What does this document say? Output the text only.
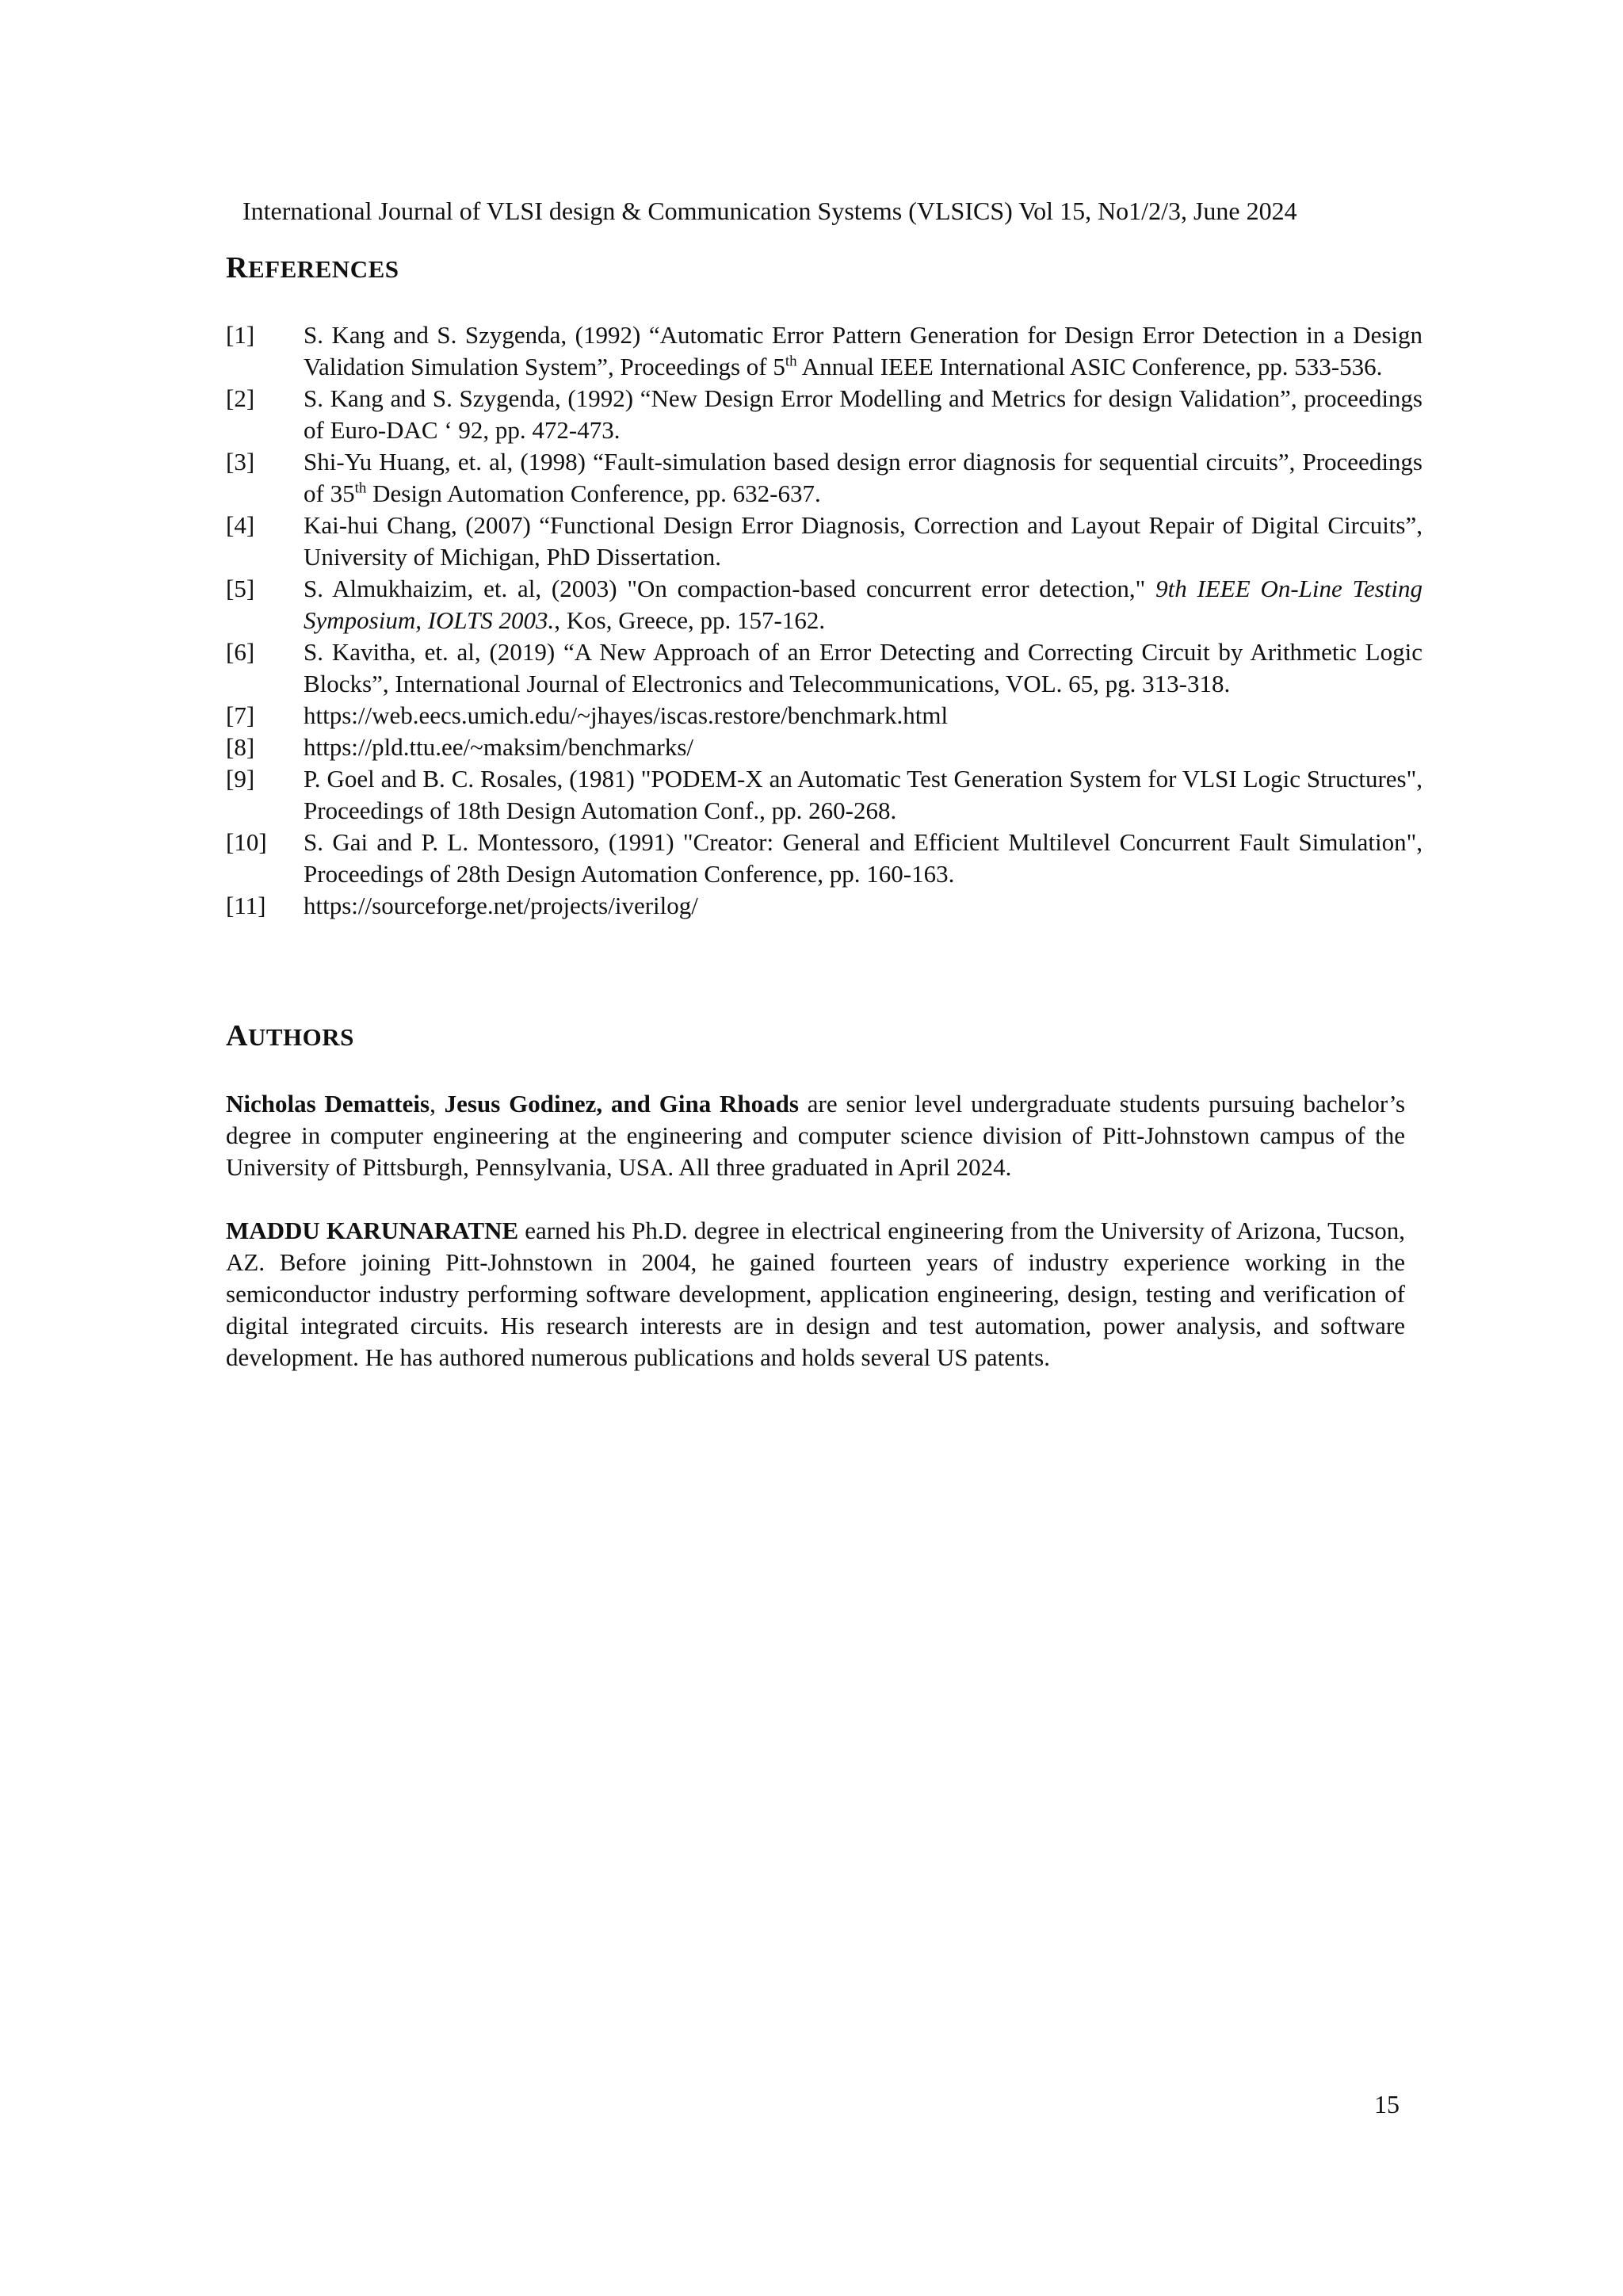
International Journal of VLSI design & Communication Systems (VLSICS) Vol 15, No1/2/3, June 2024
REFERENCES
[1] S. Kang and S. Szygenda, (1992) “Automatic Error Pattern Generation for Design Error Detection in a Design Validation Simulation System”, Proceedings of 5th Annual IEEE International ASIC Conference, pp. 533-536.
[2] S. Kang and S. Szygenda, (1992) “New Design Error Modelling and Metrics for design Validation”, proceedings of Euro-DAC ‘ 92, pp. 472-473.
[3] Shi-Yu Huang, et. al, (1998) “Fault-simulation based design error diagnosis for sequential circuits”, Proceedings of 35th Design Automation Conference, pp. 632-637.
[4] Kai-hui Chang, (2007) “Functional Design Error Diagnosis, Correction and Layout Repair of Digital Circuits”, University of Michigan, PhD Dissertation.
[5] S. Almukhaizim, et. al, (2003) "On compaction-based concurrent error detection," 9th IEEE On-Line Testing Symposium, IOLTS 2003., Kos, Greece, pp. 157-162.
[6] S. Kavitha, et. al, (2019) “A New Approach of an Error Detecting and Correcting Circuit by Arithmetic Logic Blocks”, International Journal of Electronics and Telecommunications, VOL. 65, pg. 313-318.
[7] https://web.eecs.umich.edu/~jhayes/iscas.restore/benchmark.html
[8] https://pld.ttu.ee/~maksim/benchmarks/
[9] P. Goel and B. C. Rosales, (1981) "PODEM-X an Automatic Test Generation System for VLSI Logic Structures", Proceedings of 18th Design Automation Conf., pp. 260-268.
[10] S. Gai and P. L. Montessoro, (1991) "Creator: General and Efficient Multilevel Concurrent Fault Simulation", Proceedings of 28th Design Automation Conference, pp. 160-163.
[11] https://sourceforge.net/projects/iverilog/
AUTHORS

Nicholas Dematteis, Jesus Godinez, and Gina Rhoads are senior level undergraduate students pursuing bachelor’s degree in computer engineering at the engineering and computer science division of Pitt-Johnstown campus of the University of Pittsburgh, Pennsylvania, USA. All three graduated in April 2024.

MADDU KARUNARATNE earned his Ph.D. degree in electrical engineering from the University of Arizona, Tucson, AZ. Before joining Pitt-Johnstown in 2004, he gained fourteen years of industry experience working in the semiconductor industry performing software development, application engineering, design, testing and verification of digital integrated circuits. His research interests are in design and test automation, power analysis, and software development. He has authored numerous publications and holds several US patents.

15
